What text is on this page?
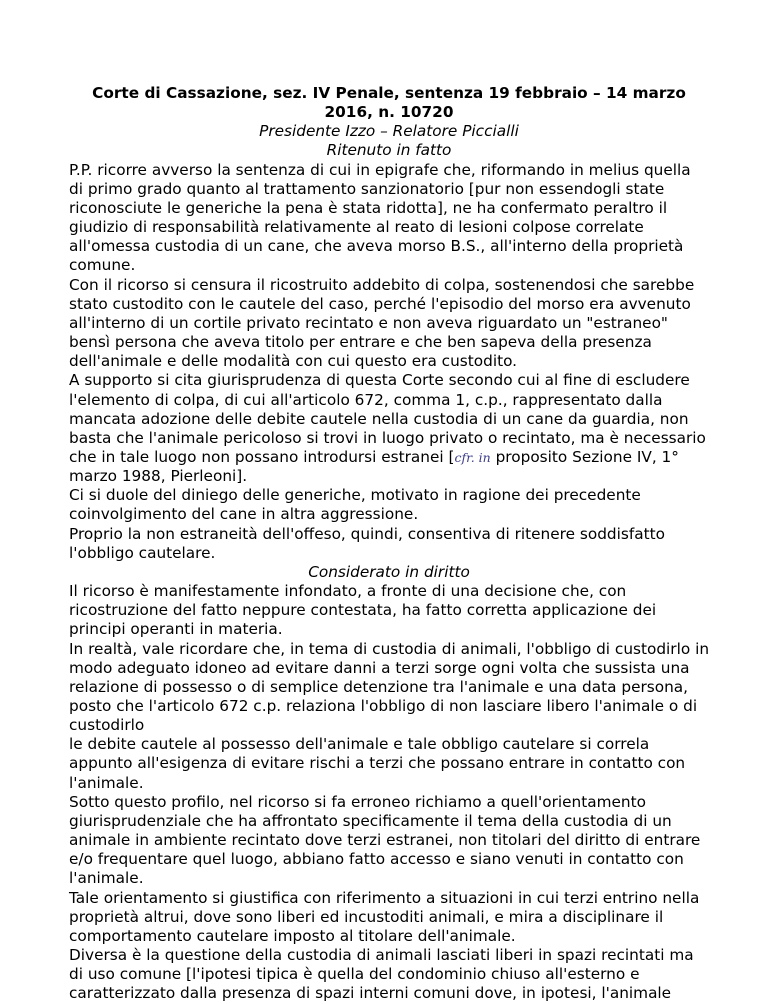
Corte di Cassazione, sez. IV Penale, sentenza 19 febbraio – 14 marzo
2016, n. 10720

Presidente Izzo – Relatore Piccialli

Ritenuto in fatto

P.P. ricorre avverso la sentenza di cui in epigrafe che, riformando in melius quella di primo grado quanto al trattamento sanzionatorio [pur non essendogli state riconosciute le generiche la pena è stata ridotta], ne ha confermato peraltro il giudizio di responsabilità relativamente al reato di lesioni colpose correlate all'omessa custodia di un cane, che aveva morso B.S., all'interno della proprietà comune.

Con il ricorso si censura il ricostruito addebito di colpa, sostenendosi che sarebbe stato custodito con le cautele del caso, perché l'episodio del morso era avvenuto all'interno di un cortile privato recintato e non aveva riguardato un "estraneo" bensì persona che aveva titolo per entrare e che ben sapeva della presenza dell'animale e delle modalità con cui questo era custodito.

A supporto si cita giurisprudenza di questa Corte secondo cui al fine di escludere l'elemento di colpa, di cui all'articolo 672, comma 1, c.p., rappresentato dalla mancata adozione delle debite cautele nella custodia di un cane da guardia, non basta che l'animale pericoloso si trovi in luogo privato o recintato, ma è necessario che in tale luogo non possano introdursi estranei [cfr. in proposito Sezione IV, 1° marzo 1988, Pierleoni].

Ci si duole del diniego delle generiche, motivato in ragione dei precedente coinvolgimento del cane in altra aggressione.

Proprio la non estraneità dell'offeso, quindi, consentiva di ritenere soddisfatto l'obbligo cautelare.

Considerato in diritto

Il ricorso è manifestamente infondato, a fronte di una decisione che, con ricostruzione del fatto neppure contestata, ha fatto corretta applicazione dei principi operanti in materia.

In realtà, vale ricordare che, in tema di custodia di animali, l'obbligo di custodirlo in modo adeguato idoneo ad evitare danni a terzi sorge ogni volta che sussista una relazione di possesso o di semplice detenzione tra l'animale e una data persona, posto che l'articolo 672 c.p. relaziona l'obbligo di non lasciare libero l'animale o di custodirlo

le debite cautele al possesso dell'animale e tale obbligo cautelare si correla appunto all'esigenza di evitare rischi a terzi che possano entrare in contatto con l'animale.

Sotto questo profilo, nel ricorso si fa erroneo richiamo a quell'orientamento giurisprudenziale che ha affrontato specificamente il tema della custodia di un animale in ambiente recintato dove terzi estranei, non titolari del diritto di entrare e/o frequentare quel luogo, abbiano fatto accesso e siano venuti in contatto con l'animale.

Tale orientamento si giustifica con riferimento a situazioni in cui terzi entrino nella proprietà altrui, dove sono liberi ed incustoditi animali, e mira a disciplinare il comportamento cautelare imposto al titolare dell'animale.

Diversa è la questione della custodia di animali lasciati liberi in spazi recintati ma di uso comune [l'ipotesi tipica è quella del condominio chiuso all'esterno e caratterizzato dalla presenza di spazi interni comuni dove, in ipotesi, l'animale
